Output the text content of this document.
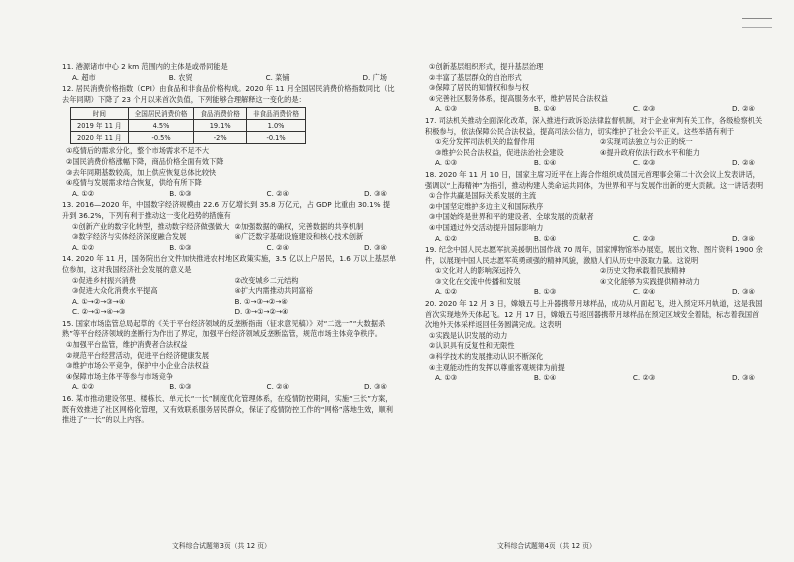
11. 港源诸市中心 2 km 范围内的主体是或帚同能是
A. 超市	B. 农贸	C. 菜铺	D. 广场
12. 居民消费价格指数（CPI）由食品和非食品价格构成。2020 年 11 月全国居民消费价格指数同比（比去年同期）下降了 23 个月以来首次负值，下列能够合理解释这一变化的是：
时间	全国居民消费价格	食品消费价格	非食品消费价格
2019 年 11 月	4.5%	19.1%	1.0%
2020 年 11 月	-0.5%	-2%	-0.1%
①疫情后的需求分化，整个市场需求不足不大
②国民消费价格涨幅下降，商品价格全面有效下降
③去年同期基数较高，加上供应恢复总体比较快
④疫情与发展需求结合恢复，供给有所下降
A. ①②	B. ①③	C. ②④	D. ③④
13. 2016—2020 年，中国数字经济规模由 22.6 万亿增长到 35.8 万亿元，占 GDP 比重由 30.1% 提升到 36.2%，下列有利于推动这一变化趋势的措施有
①创新产业的数字化转型，推动数字经济做强做大 ②加强数据的确权，完善数据的共享机制
③数字经济与实体经济深度融合发展	④广泛数字基础设施建设和核心技术创新
A. ①②	B. ①③	C. ②④	D. ③④
14. 2020 年 11 月，国务院出台文件加快推进农村地区政策实施，3.5 亿以上户居民，1.6 万以上基层单位参加，这对我国经济社会发展的意义是
①促进乡村振兴消费	②改变城乡二元结构
③促进大众化消费水平提高	④扩大内需推动共同富裕
A. ①→②→③→④	B. ①→③→②→④
C. ②→①→④→③	D. ③→①→②→④
15. 国家市场监管总局起草的《关于平台经济领域的反垄断指南（征求意见稿）》对“二选一”“大数据杀熟”等平台经济领域的垄断行为作出了界定，加强平台经济领域反垄断监管，规范市场主体竞争秩序。
①加强平台监管，维护消费者合法权益
②规范平台经营活动，促进平台经济健康发展
③维护市场公平竞争，保护中小企业合法权益
④保障市场主体平等参与市场竞争
A. ①②	B. ①③	C. ②④	D. ③④
16. 某市推动建设邻里、楼栋长、单元长“一长”制度优化管理体系，在疫情防控期间，实施“三长”方案，既有效推进了社区网格化管理，又有效联系服务居民群众，保证了疫情防控工作的“网格”落地生效，顺利推进了“一长”的以上内容。
①创新基层组织形式，提升基层治理
②丰富了基层群众的自治形式
③保障了居民的知情权和参与权
④完善社区服务体系，提高服务水平，维护居民合法权益
A. ①③	B. ①④	C. ②③	D. ②④
17. 司法机关推动全面深化改革，深入推进行政诉讼法律监督机制，对于企业审判有关工作，各级检察机关积极参与，依法保障公民合法权益，提高司法公信力，切实维护了社会公平正义。这些举措有利于
①充分发挥司法机关的监督作用	②实现司法独立与公正的统一
③维护公民合法权益，促进法治社会建设	④提升政府依法行政水平和能力
A. ①③	B. ①④	C. ②③	D. ②④
18. 2020 年 11 月 10 日，国家主席习近平在上海合作组织成员国元首理事会第二十次会议上发表讲话，强调以“上海精神”为指引，推动构建人类命运共同体，为世界和平与发展作出新的更大贡献。这一讲话表明
①合作共赢是国际关系发展的主流
②中国坚定维护多边主义和国际秩序
③中国始终是世界和平的建设者、全球发展的贡献者
④中国通过外交活动提升国际影响力
A. ①②	B. ①④	C. ②③	D. ③④
19. 纪念中国人民志愿军抗美援朝出国作战 70 周年，国家博物馆举办展览，展出文物、图片资料 1900 余件，以展现中国人民志愿军英勇顽强的精神风貌，激励人们从历史中汲取力量。这说明
①文化对人的影响深远持久	②历史文物承载着民族精神
③文化在交流中传播和发展	④文化能够为实践提供精神动力
A. ①②	B. ①③	C. ②④	D. ③④
20. 2020 年 12 月 3 日，嫦娥五号上升器携带月球样品，成功从月面起飞，进入预定环月轨道，这是我国首次实现地外天体起飞。12 月 17 日，嫦娥五号返回器携带月球样品在预定区域安全着陆，标志着我国首次地外天体采样返回任务圆满完成。这表明
①实践是认识发展的动力
②认识具有反复性和无限性
③科学技术的发展推动认识不断深化
④主观能动性的发挥以尊重客观规律为前提
A. ①③	B. ①④	C. ②③	D. ③④
文科综合试题第3页（共 12 页）	文科综合试题第4页（共 12 页）
